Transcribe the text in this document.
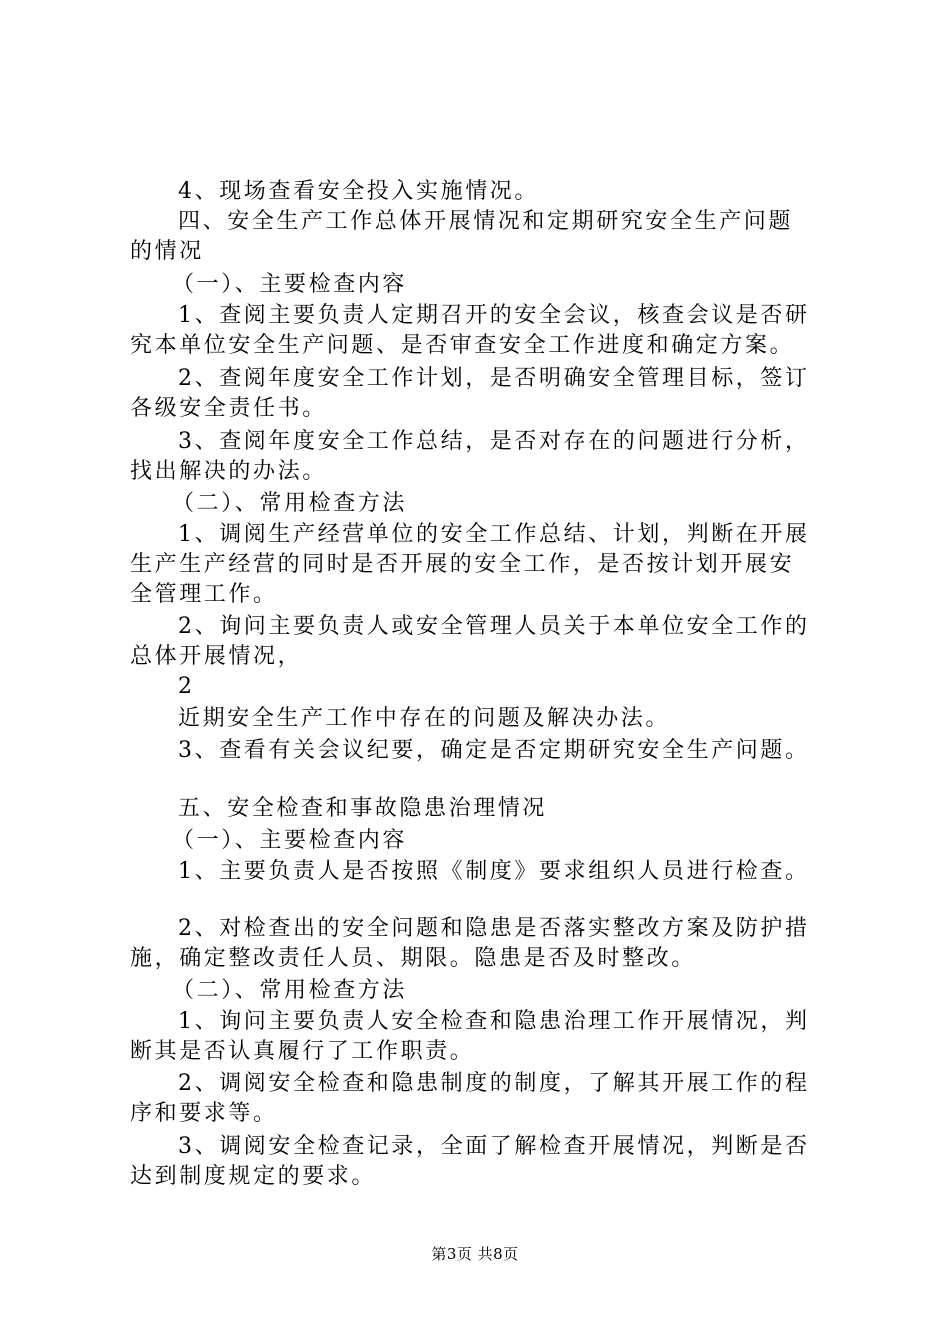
4、现场查看安全投入实施情况。
四、安全生产工作总体开展情况和定期研究安全生产问题
的情况
（一）、主要检查内容
1、查阅主要负责人定期召开的安全会议，核查会议是否研
究本单位安全生产问题、是否审查安全工作进度和确定方案。
2、查阅年度安全工作计划，是否明确安全管理目标，签订
各级安全责任书。
3、查阅年度安全工作总结，是否对存在的问题进行分析，
找出解决的办法。
（二）、常用检查方法
1、调阅生产经营单位的安全工作总结、计划，判断在开展
生产生产经营的同时是否开展的安全工作，是否按计划开展安
全管理工作。
2、询问主要负责人或安全管理人员关于本单位安全工作的
总体开展情况，
2
近期安全生产工作中存在的问题及解决办法。
3、查看有关会议纪要，确定是否定期研究安全生产问题。
五、安全检查和事故隐患治理情况
（一）、主要检查内容
1、主要负责人是否按照《制度》要求组织人员进行检查。
2、对检查出的安全问题和隐患是否落实整改方案及防护措
施，确定整改责任人员、期限。隐患是否及时整改。
（二）、常用检查方法
1、询问主要负责人安全检查和隐患治理工作开展情况，判
断其是否认真履行了工作职责。
2、调阅安全检查和隐患制度的制度，了解其开展工作的程
序和要求等。
3、调阅安全检查记录，全面了解检查开展情况，判断是否
达到制度规定的要求。
第3页 共8页
